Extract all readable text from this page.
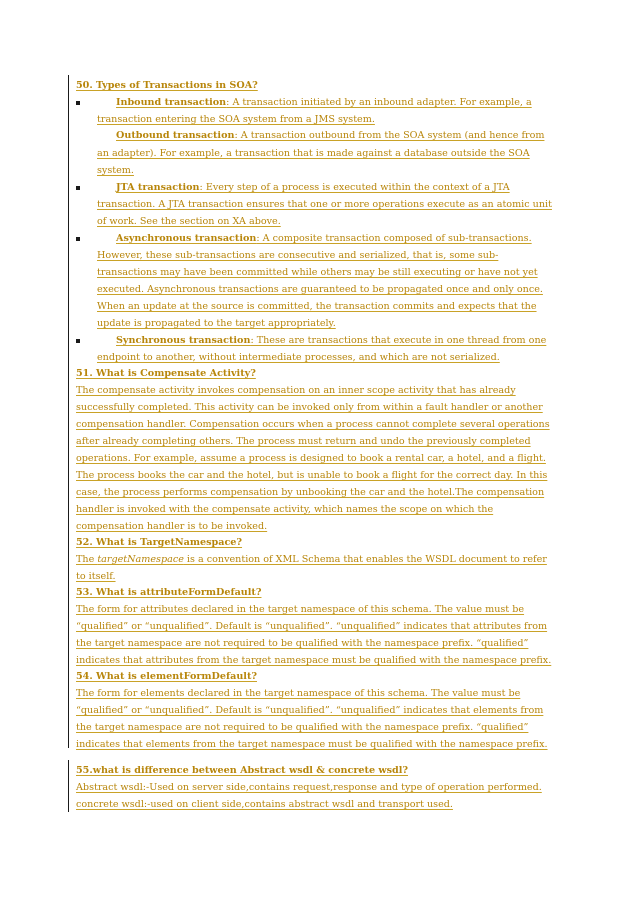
50. Types of Transactions in SOA?
Inbound transaction: A transaction initiated by an inbound adapter. For example, a
transaction entering the SOA system from a JMS system.
Outbound transaction: A transaction outbound from the SOA system (and hence from
an adapter). For example, a transaction that is made against a database outside the SOA
system.
JTA transaction: Every step of a process is executed within the context of a JTA
transaction. A JTA transaction ensures that one or more operations execute as an atomic unit
of work. See the section on XA above.
Asynchronous transaction: A composite transaction composed of sub-transactions.
However, these sub-transactions are consecutive and serialized, that is, some sub-
transactions may have been committed while others may be still executing or have not yet
executed. Asynchronous transactions are guaranteed to be propagated once and only once.
When an update at the source is committed, the transaction commits and expects that the
update is propagated to the target appropriately.
Synchronous transaction: These are transactions that execute in one thread from one
endpoint to another, without intermediate processes, and which are not serialized.
51. What is Compensate Activity?
The compensate activity invokes compensation on an inner scope activity that has already
successfully completed. This activity can be invoked only from within a fault handler or another
compensation handler. Compensation occurs when a process cannot complete several operations
after already completing others. The process must return and undo the previously completed
operations. For example, assume a process is designed to book a rental car, a hotel, and a flight.
The process books the car and the hotel, but is unable to book a flight for the correct day. In this
case, the process performs compensation by unbooking the car and the hotel.The compensation
handler is invoked with the compensate activity, which names the scope on which the
compensation handler is to be invoked.
52. What is TargetNamespace?
The targetNamespace is a convention of XML Schema that enables the WSDL document to refer
to itself.
53. What is attributeFormDefault?
The form for attributes declared in the target namespace of this schema. The value must be
“qualified” or “unqualified”. Default is “unqualified”. “unqualified” indicates that attributes from
the target namespace are not required to be qualified with the namespace prefix. “qualified”
indicates that attributes from the target namespace must be qualified with the namespace prefix.
54. What is elementFormDefault?
The form for elements declared in the target namespace of this schema. The value must be
“qualified” or “unqualified”. Default is “unqualified”. “unqualified” indicates that elements from
the target namespace are not required to be qualified with the namespace prefix. “qualified”
indicates that elements from the target namespace must be qualified with the namespace prefix.
55.what is difference between Abstract wsdl & concrete wsdl?
Abstract wsdl:-Used on server side,contains request,response and type of operation performed.
concrete wsdl:-used on client side,contains abstract wsdl and transport used.
